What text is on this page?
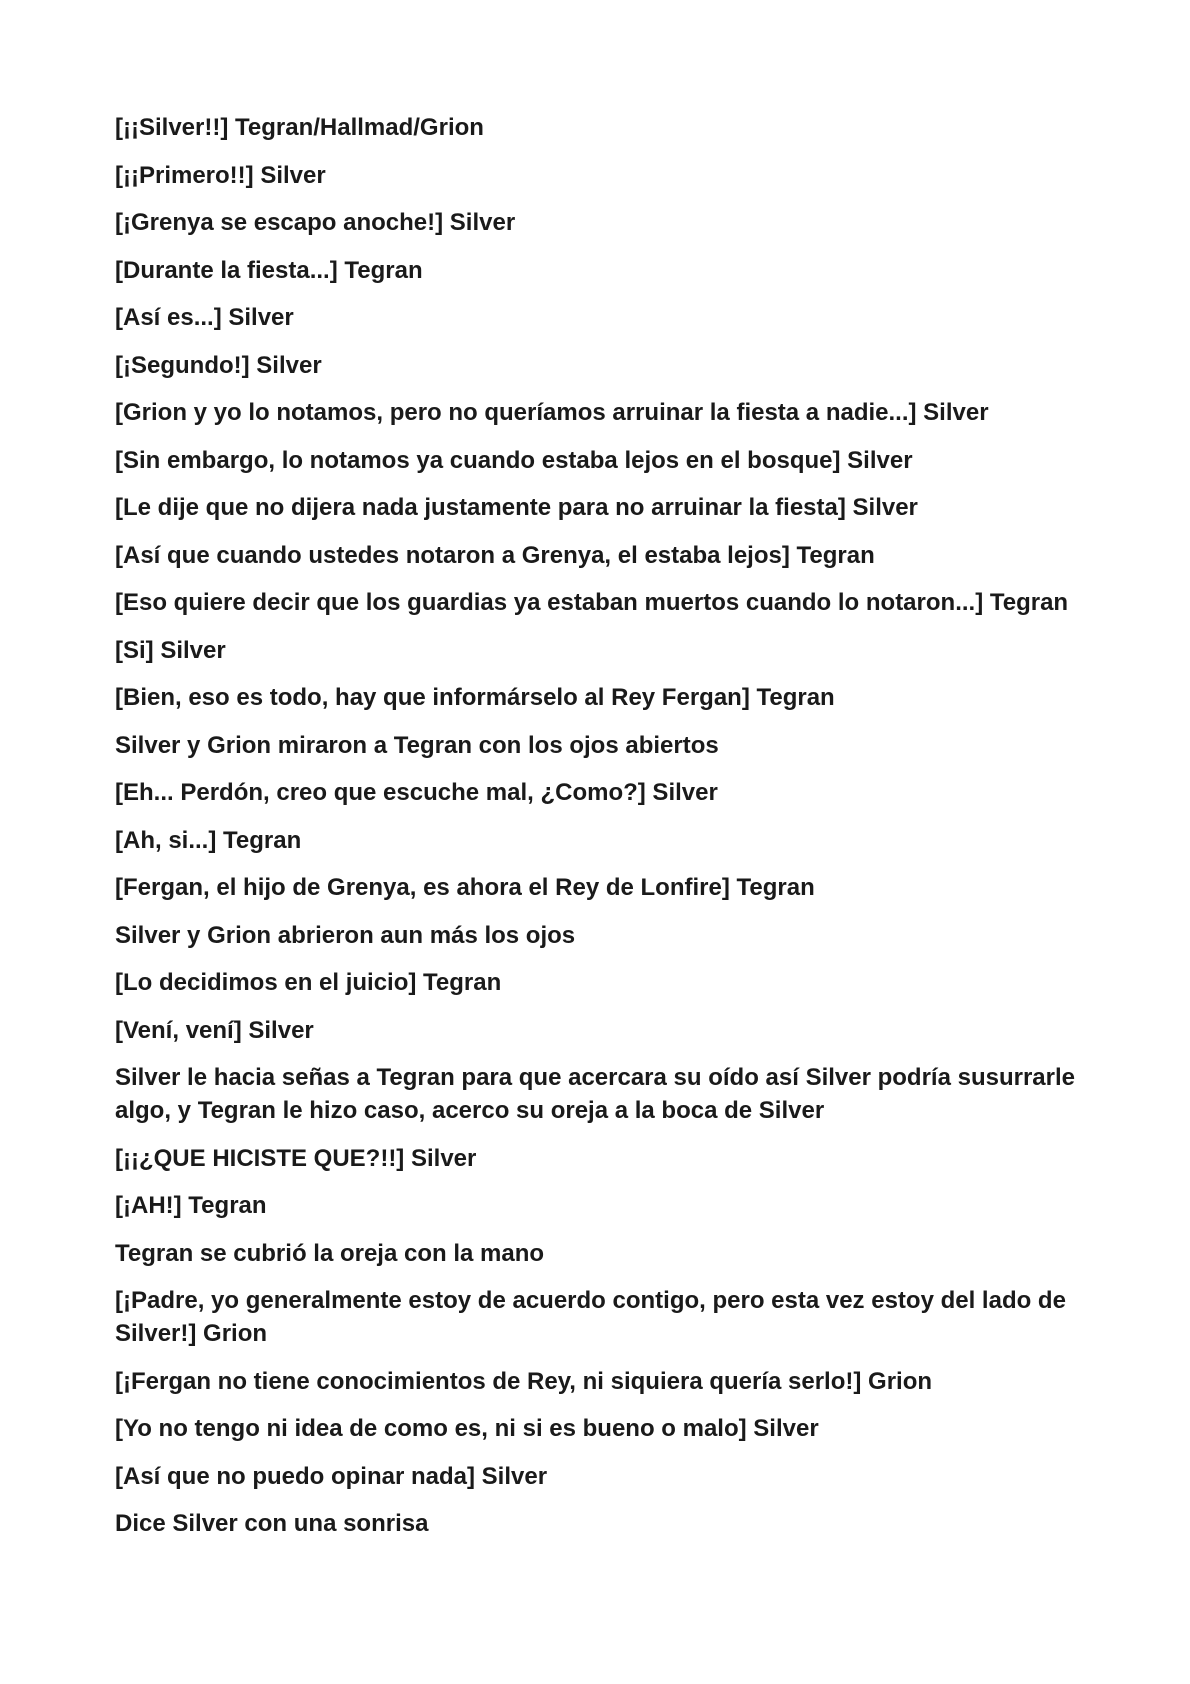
[¡¡Silver!!] Tegran/Hallmad/Grion

[¡¡Primero!!] Silver

[¡Grenya se escapo anoche!] Silver

[Durante la fiesta...] Tegran

[Así es...] Silver

[¡Segundo!] Silver

[Grion y yo lo notamos, pero no queríamos arruinar la fiesta a nadie...] Silver

[Sin embargo, lo notamos ya cuando estaba lejos en el bosque] Silver

[Le dije que no dijera nada justamente para no arruinar la fiesta] Silver

[Así que cuando ustedes notaron a Grenya, el estaba lejos] Tegran

[Eso quiere decir que los guardias ya estaban muertos cuando lo notaron...] Tegran

[Si] Silver

[Bien, eso es todo, hay que informárselo al Rey Fergan] Tegran

Silver y Grion miraron a Tegran con los ojos abiertos

[Eh... Perdón, creo que escuche mal, ¿Como?] Silver

[Ah, si...] Tegran

[Fergan, el hijo de Grenya, es ahora el Rey de Lonfire] Tegran

Silver y Grion abrieron aun más los ojos

[Lo decidimos en el juicio] Tegran

[Vení, vení] Silver

Silver le hacia señas a Tegran para que acercara su oído así Silver podría susurrarle algo, y Tegran le hizo caso, acerco su oreja a la boca de Silver

[¡¡¿QUE HICISTE QUE?!!] Silver

[¡AH!] Tegran

Tegran se cubrió la oreja con la mano

[¡Padre, yo generalmente estoy de acuerdo contigo, pero esta vez estoy del lado de Silver!] Grion

[¡Fergan no tiene conocimientos de Rey, ni siquiera quería serlo!] Grion

[Yo no tengo ni idea de como es, ni si es bueno o malo] Silver

[Así que no puedo opinar nada] Silver

Dice Silver con una sonrisa
